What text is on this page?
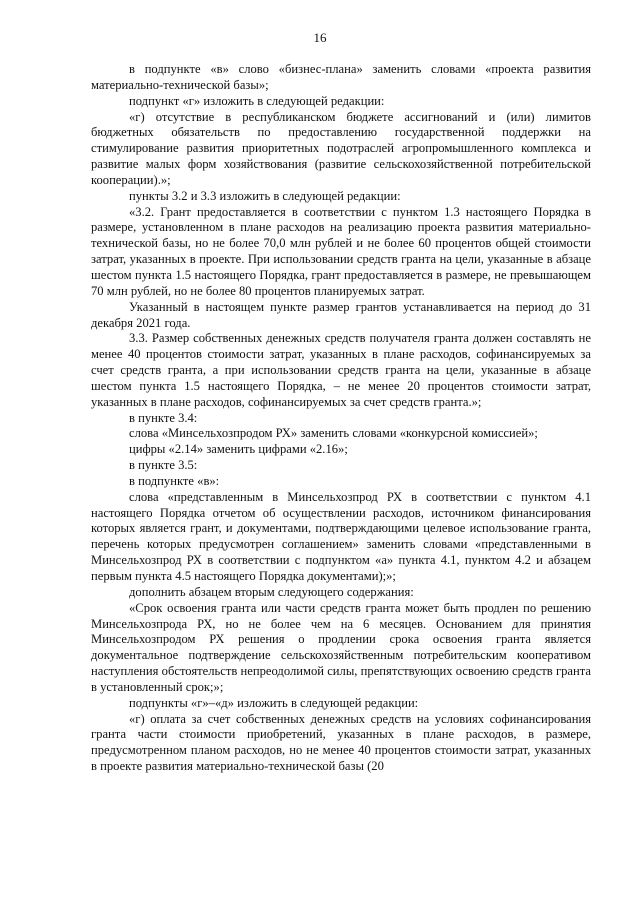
16

в подпункте «в» слово «бизнес-плана» заменить словами «проекта развития материально-технической базы»;

подпункт «г» изложить в следующей редакции:

«г) отсутствие в республиканском бюджете ассигнований и (или) лимитов бюджетных обязательств по предоставлению государственной поддержки на стимулирование развития приоритетных подотраслей агропромышленного комплекса и развитие малых форм хозяйствования (развитие сельскохозяйственной потребительской кооперации).»;

пункты 3.2 и 3.3 изложить в следующей редакции:

«3.2. Грант предоставляется в соответствии с пунктом 1.3 настоящего Порядка в размере, установленном в плане расходов на реализацию проекта развития материально-технической базы, но не более 70,0 млн рублей и не более 60 процентов общей стоимости затрат, указанных в проекте. При использовании средств гранта на цели, указанные в абзаце шестом пункта 1.5 настоящего Порядка, грант предоставляется в размере, не превышающем 70 млн рублей, но не более 80 процентов планируемых затрат.

Указанный в настоящем пункте размер грантов устанавливается на период до 31 декабря 2021 года.

3.3. Размер собственных денежных средств получателя гранта должен составлять не менее 40 процентов стоимости затрат, указанных в плане расходов, софинансируемых за счет средств гранта, а при использовании средств гранта на цели, указанные в абзаце шестом пункта 1.5 настоящего Порядка, – не менее 20 процентов стоимости затрат, указанных в плане расходов, софинансируемых за счет средств гранта.»;

в пункте 3.4:

слова «Минсельхозпродом РХ» заменить словами «конкурсной комиссией»;

цифры «2.14» заменить цифрами «2.16»;

в пункте 3.5:

в подпункте «в»:

слова «представленным в Минсельхозпрод РХ в соответствии с пунктом 4.1 настоящего Порядка отчетом об осуществлении расходов, источником финансирования которых является грант, и документами, подтверждающими целевое использование гранта, перечень которых предусмотрен соглашением» заменить словами «представленными в Минсельхозпрод РХ в соответствии с подпунктом «а» пункта 4.1, пунктом 4.2 и абзацем первым пункта 4.5 настоящего Порядка документами);»;

дополнить абзацем вторым следующего содержания:

«Срок освоения гранта или части средств гранта может быть продлен по решению Минсельхозпрода РХ, но не более чем на 6 месяцев. Основанием для принятия Минсельхозпродом РХ решения о продлении срока освоения гранта является документальное подтверждение сельскохозяйственным потребительским кооперативом наступления обстоятельств непреодолимой силы, препятствующих освоению средств гранта в установленный срок;»;

подпункты «г»–«д» изложить в следующей редакции:

«г) оплата за счет собственных денежных средств на условиях софинансирования гранта части стоимости приобретений, указанных в плане расходов, в размере, предусмотренном планом расходов, но не менее 40 процентов стоимости затрат, указанных в проекте развития материально-технической базы (20
